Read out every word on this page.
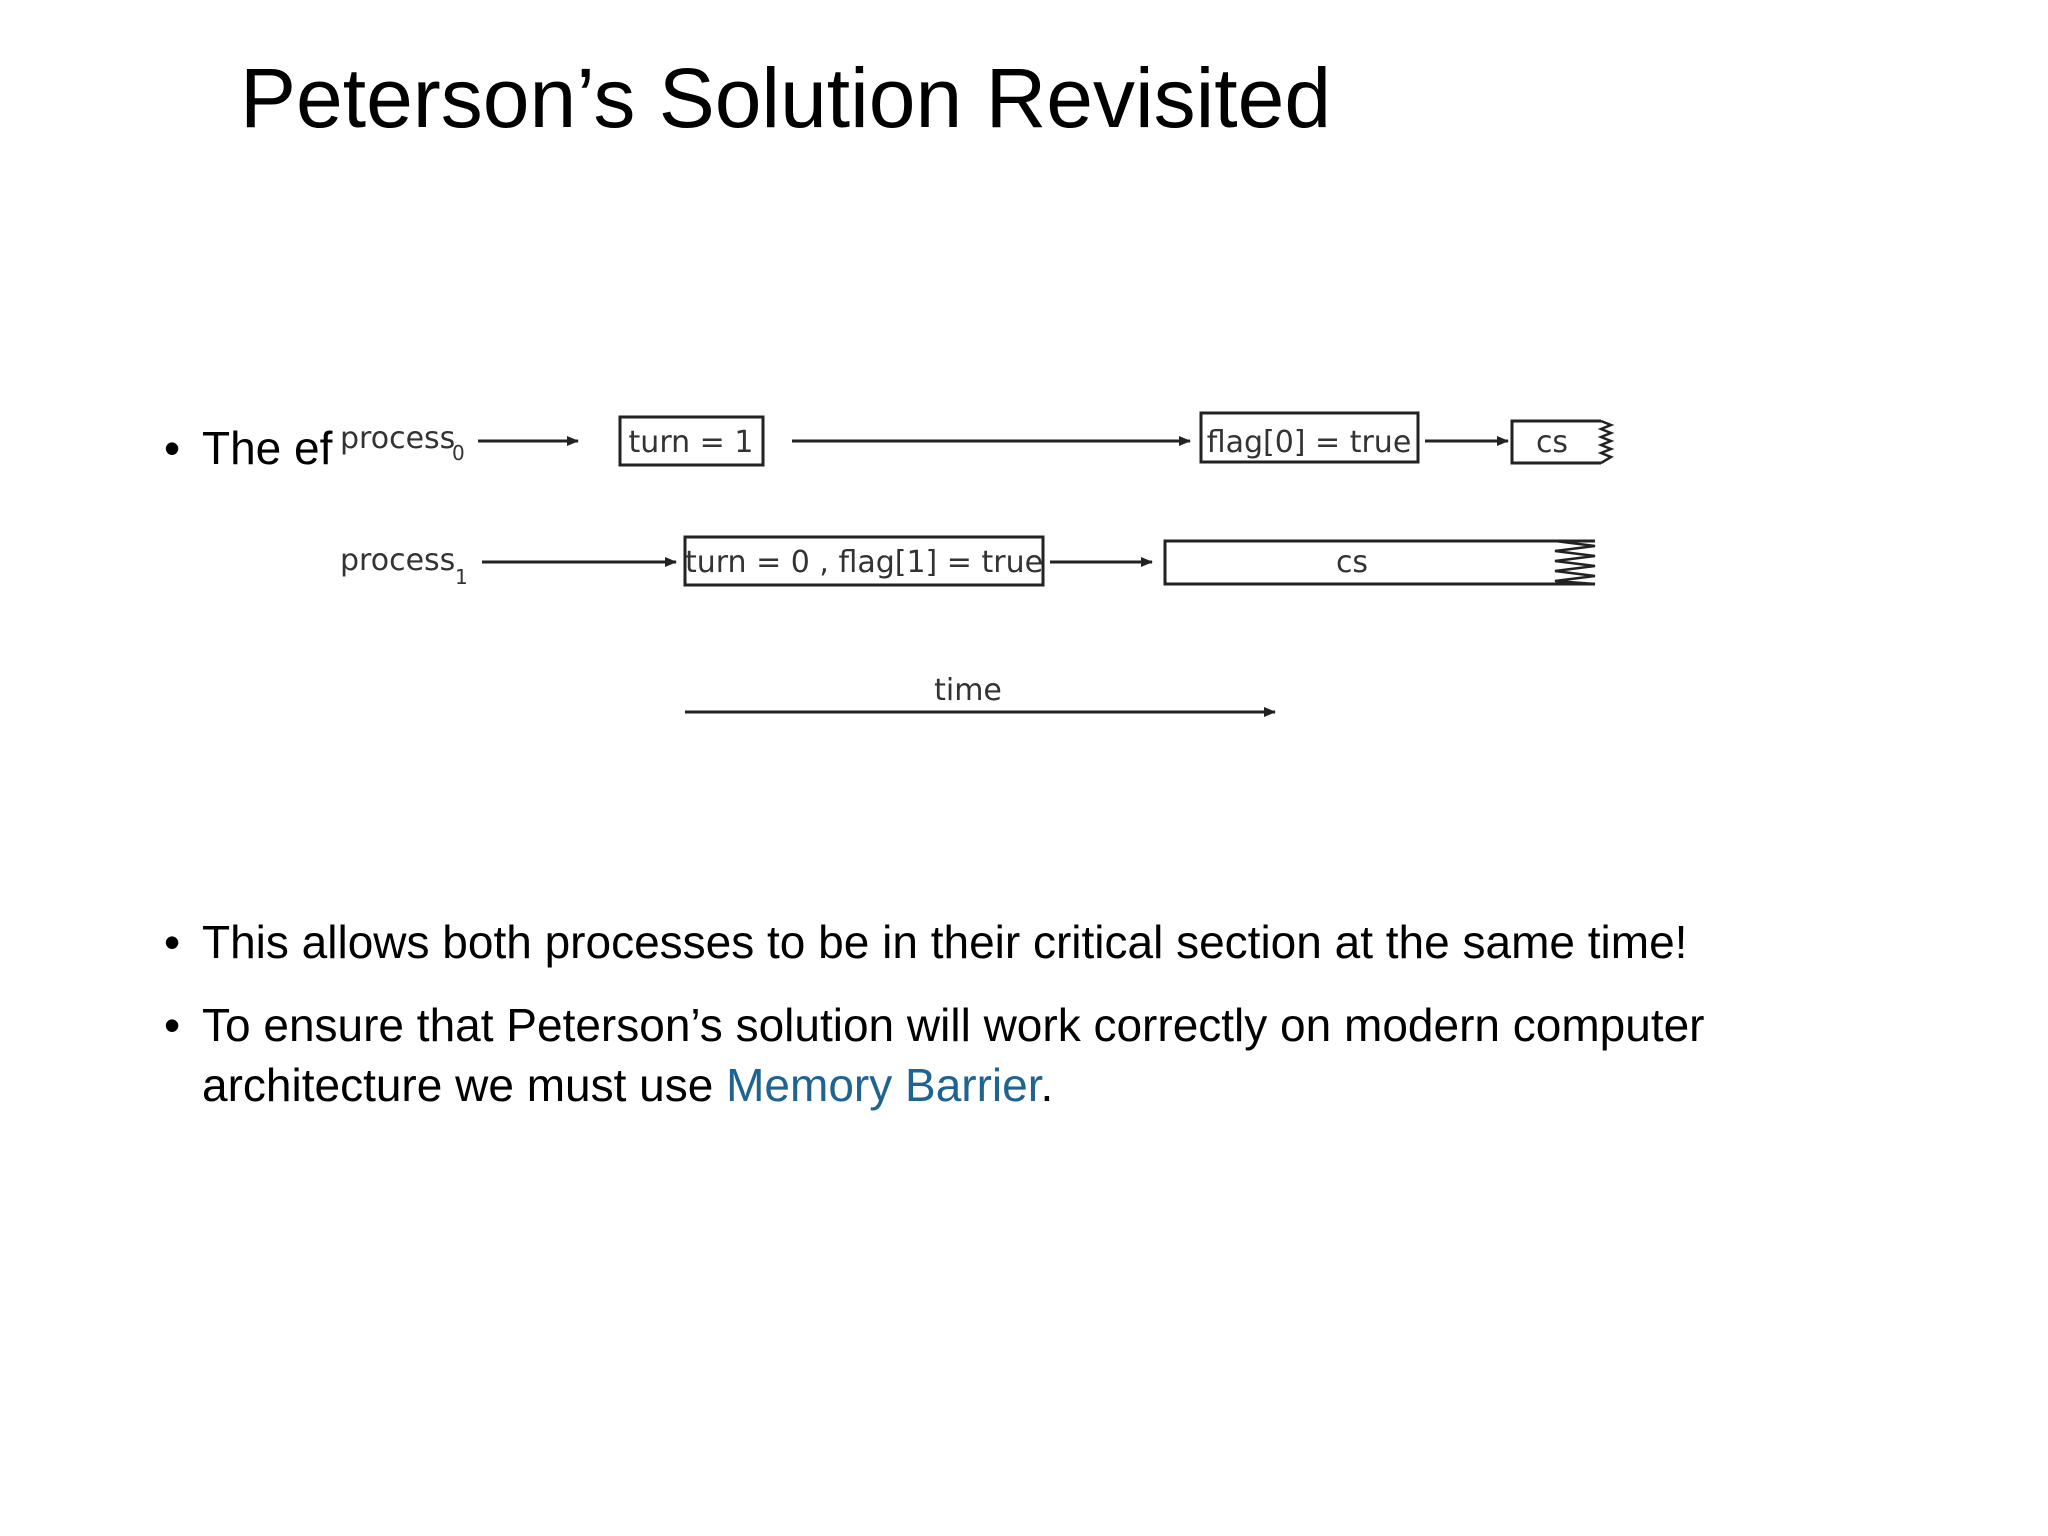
Peterson’s Solution Revisited
• The ef
• This allows both processes to be in their critical section at the same time!
• To ensure that Peterson’s solution will work correctly on modern computer architecture we must use Memory Barrier.
process
0	turn = 1	flag[0] = true	cs
process 1	turn = 0 , flag[1] = true	cs
time
